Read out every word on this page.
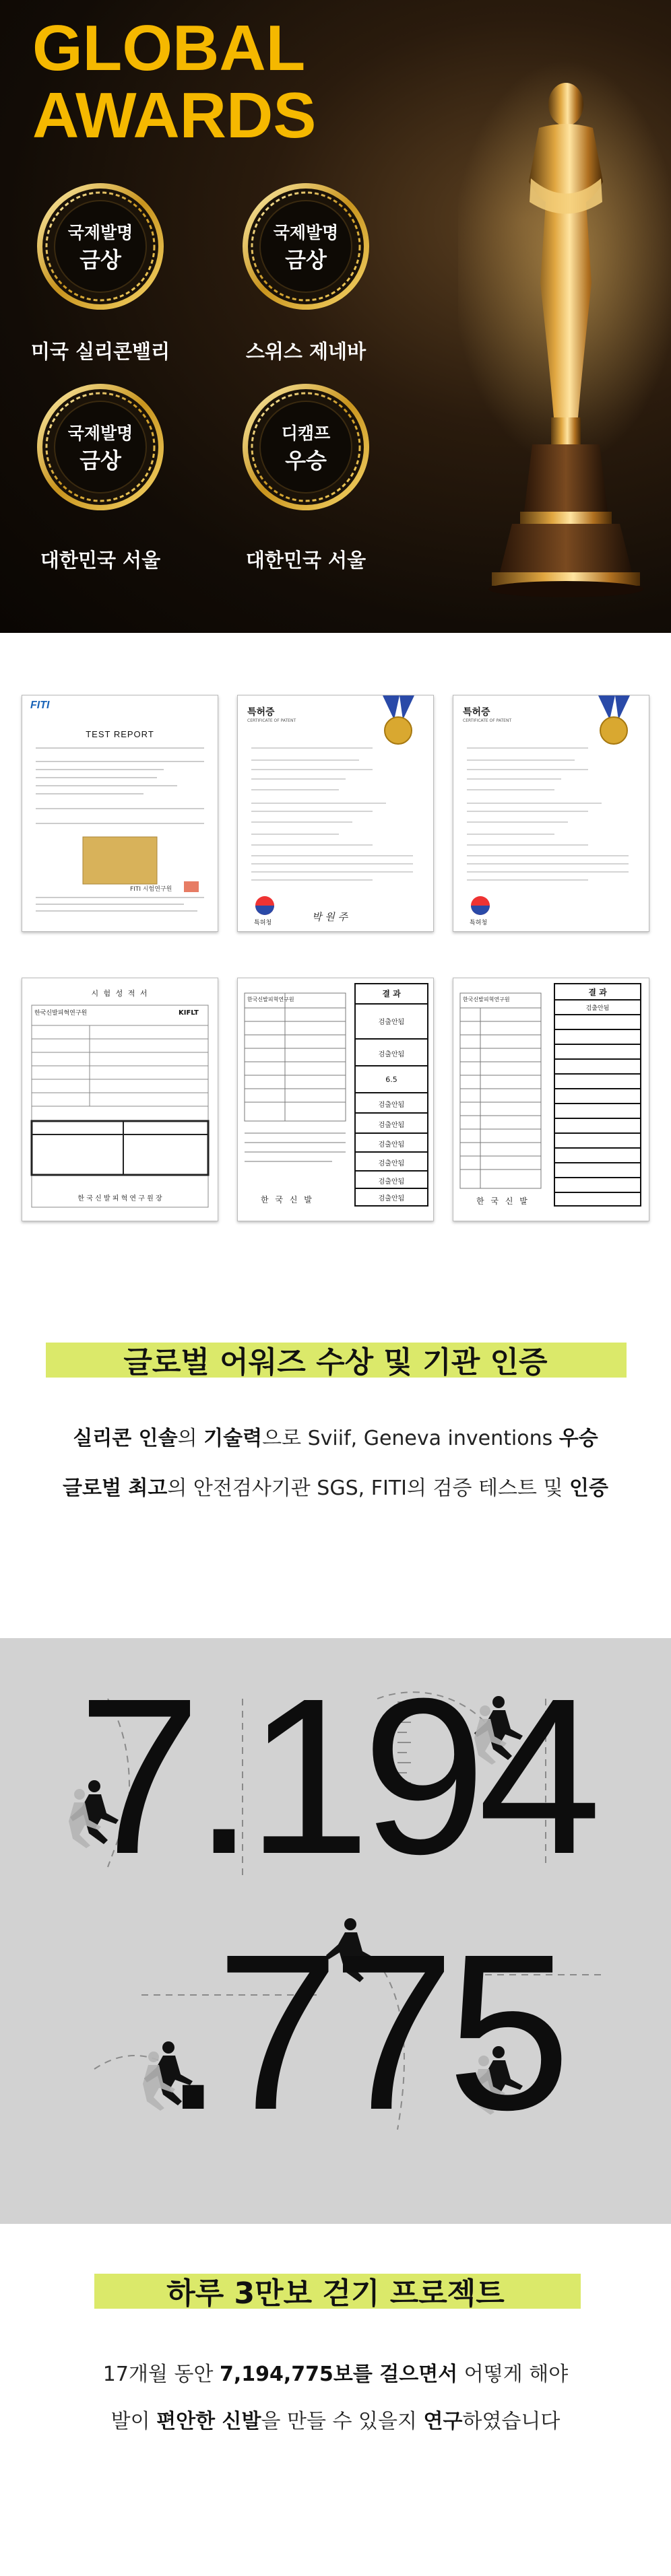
GLOBAL
AWARDS
국제발명
금상
미국 실리콘밸리
국제발명
금상
스위스 제네바
국제발명
금상
대한민국 서울
디캠프
우승
대한민국 서울
FITI
TEST REPORT
FITI 시험연구원
특허증
CERTIFICATE OF PATENT
특허청	박 원 주
특허증
CERTIFICATE OF PATENT
특허청
시 험 성 적 서
한국신발피혁연구원	KIFLT
한 국 신 발 피 혁 연 구 원 장
한국신발피혁연구원
결 과
검출안됨
검출안됨
6.5
검출안됨
검출안됨
검출안됨
검출안됨
검출안됨
검출안됨
한 국 신 발
한국신발피혁연구원
결 과
검출안됨
한 국 신 발
글로벌 어워즈 수상 및 기관 인증
실리콘 인솔의 기술력으로 Sviif, Geneva inventions 우승
글로벌 최고의 안전검사기관 SGS, FITI의 검증 테스트 및 인증
7.194
.775
하루 3만보 걷기 프로젝트
17개월 동안 7,194,775보를 걸으면서 어떻게 해야
발이 편안한 신발을 만들 수 있을지 연구하였습니다
